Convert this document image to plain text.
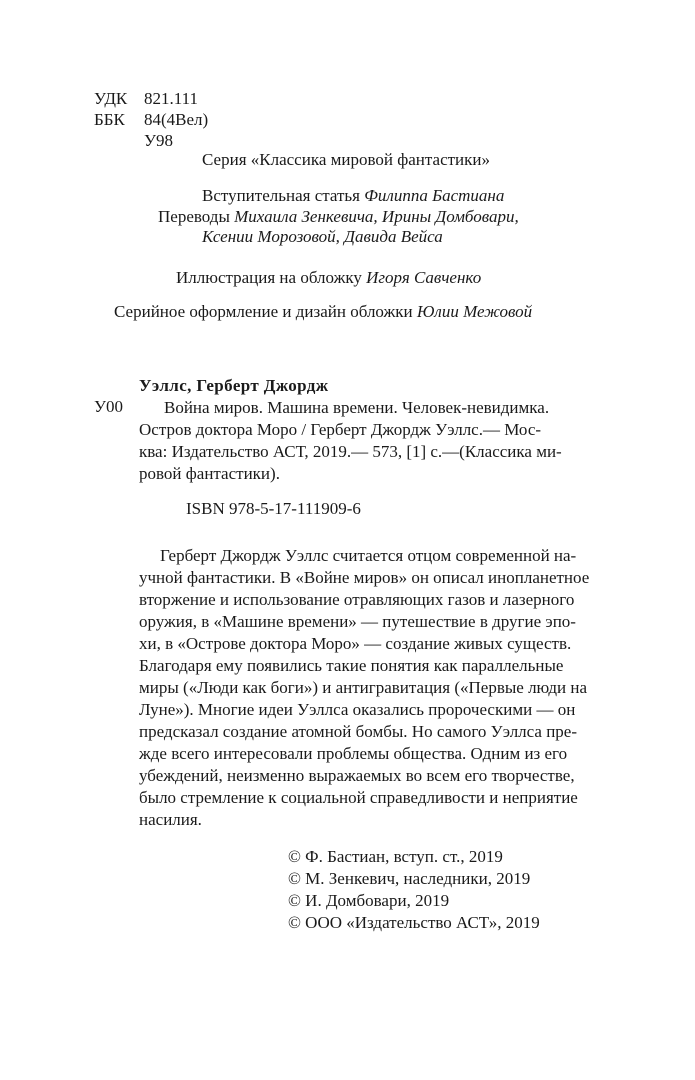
УДК 821.111
ББК 84(4Вел)
У98
Серия «Классика мировой фантастики»
Вступительная статья Филиппа Бастиана
Переводы Михаила Зенкевича, Ирины Домбовари,
Ксении Морозовой, Давида Вейса
Иллюстрация на обложку Игоря Савченко
Серийное оформление и дизайн обложки Юлии Межовой
Уэллс, Герберт Джордж
У00 Война миров. Машина времени. Человек-невидимка.
Остров доктора Моро / Герберт Джордж Уэллс.— Мос-
ква: Издательство АСТ, 2019.— 573, [1] с.—(Классика ми-
ровой фантастики).
ISBN 978-5-17-111909-6
Герберт Джордж Уэллс считается отцом современной на-
учной фантастики. В «Войне миров» он описал инопланетное
вторжение и использование отравляющих газов и лазерного
оружия, в «Машине времени» — путешествие в другие эпо-
хи, в «Острове доктора Моро» — создание живых существ.
Благодаря ему появились такие понятия как параллельные
миры («Люди как боги») и антигравитация («Первые люди на
Луне»). Многие идеи Уэллса оказались пророческими — он
предсказал создание атомной бомбы. Но самого Уэллса пре-
жде всего интересовали проблемы общества. Одним из его
убеждений, неизменно выражаемых во всем его творчестве,
было стремление к социальной справедливости и неприятие
насилия.
© Ф. Бастиан, вступ. ст., 2019
© М. Зенкевич, наследники, 2019
© И. Домбовари, 2019
© ООО «Издательство АСТ», 2019
